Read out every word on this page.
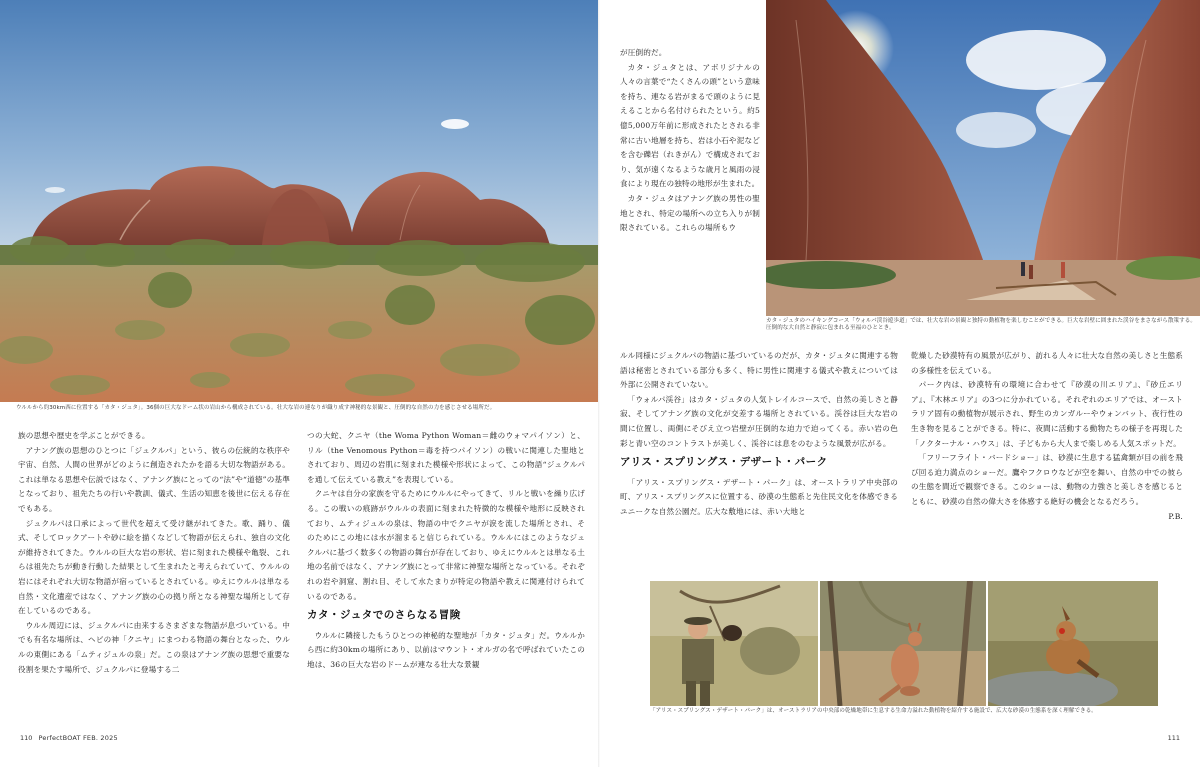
ウルルから約30km西に位置する「カタ・ジュタ」。36個の巨大なドーム状の岩山から構成されている。壮大な岩の連なりが織り成す神秘的な景観と、圧倒的な自然の力を感じさせる場所だ。

族の思想や歴史を学ぶことができる。

アナング族の思想のひとつに「ジュクルパ」という、彼らの伝統的な秩序や宇宙、自然、人間の世界がどのように創造されたかを語る大切な物語がある。これは単なる思想や伝説ではなく、アナング族にとっての“法”や“道徳”の基準となっており、祖先たちの行いや教訓、儀式、生活の知恵を後世に伝える存在でもある。

ジュクルパは口承によって世代を超えて受け継がれてきた。歌、踊り、儀式、そしてロックアートや砂に絵を描くなどして物語が伝えられ、独自の文化が維持されてきた。ウルルの巨大な岩の形状、岩に刻まれた模様や亀裂、これらは祖先たちが動き行動した結果として生まれたと考えられていて、ウルルの岩にはそれぞれ大切な物語が宿っているとされている。ゆえにウルルは単なる自然・文化遺産ではなく、アナング族の心の拠り所となる神聖な場所として存在しているのである。

ウルル周辺には、ジュクルパに由来するさまざまな物語が息づいている。中でも有名な場所は、ヘビの神「クニヤ」にまつわる物語の舞台となった、ウルルの東側にある「ムティジュルの泉」だ。この泉はアナング族の思想で重要な役割を果たす場所で、ジュクルパに登場する二

つの大蛇、クニヤ（the Woma Python Woman＝雌のウォマパイソン）と、リル（the Venomous Python＝毒を持つパイソン）の戦いに関連した聖地とされており、周辺の岩肌に刻まれた模様や形状によって、この物語“ジュクルパを通して伝えている教え”を表現している。

クニヤは自分の家族を守るためにウルルにやってきて、リルと戦いを繰り広げる。この戦いの痕跡がウルルの表面に刻まれた特徴的な模様や地形に反映されており、ムティジュルの泉は、物語の中でクニヤが涙を流した場所とされ、そのためにこの地には水が溜まると信じられている。ウルルにはこのようなジュクルパに基づく数多くの物語の舞台が存在しており、ゆえにウルルとは単なる土地の名前ではなく、アナング族にとって非常に神聖な場所となっている。それぞれの岩や洞窟、割れ目、そして水たまりが特定の物語や教えに関連付けられているのである。

カタ・ジュタでのさらなる冒険

ウルルに隣接したもうひとつの神秘的な聖地が「カタ・ジュタ」だ。ウルルから西に約30kmの場所にあり、以前はマウント・オルガの名で呼ばれていたこの地は、36の巨大な岩のドームが連なる壮大な景観

110 PerfectBOAT FEB. 2025

が圧倒的だ。

カタ・ジュタとは、アボリジナルの人々の言葉で“たくさんの頭”という意味を持ち、連なる岩がまるで頭のように見えることから名付けられたという。約5億5,000万年前に形成されたとされる非常に古い地層を持ち、岩は小石や泥などを含む礫岩（れきがん）で構成されており、気が遠くなるような歳月と風雨の浸食により現在の独特の地形が生まれた。

カタ・ジュタはアナング族の男性の聖地とされ、特定の場所への立ち入りが制限されている。これらの場所もウ

カタ・ジュタのハイキングコース「ウォルパ渓谷遊歩道」では、壮大な岩の景観と独特の動植物を楽しむことができる。巨大な岩壁に囲まれた渓谷をまさながら散策する。圧倒的な大自然と静寂に包まれる至福のひととき。

ルル同様にジュクルパの物語に基づいているのだが、カタ・ジュタに関連する物語は秘密とされている部分も多く、特に男性に関連する儀式や教えについては外部に公開されていない。

「ウォルパ渓谷」はカタ・ジュタの人気トレイルコースで、自然の美しさと静寂、そしてアナング族の文化が交差する場所とされている。渓谷は巨大な岩の間に位置し、両側にそびえ立つ岩壁が圧倒的な迫力で迫ってくる。赤い岩の色彩と青い空のコントラストが美しく、渓谷には息をのむような風景が広がる。

アリス・スプリングス・デザート・パーク

「アリス・スプリングス・デザート・パーク」は、オーストラリア中央部の町、アリス・スプリングスに位置する、砂漠の生態系と先住民文化を体感できるユニークな自然公園だ。広大な敷地には、赤い大地と

乾燥した砂漠特有の風景が広がり、訪れる人々に壮大な自然の美しさと生態系の多様性を伝えている。

パーク内は、砂漠特有の環境に合わせて『砂漠の川エリア』、『砂丘エリア』、『木林エリア』の3つに分かれている。それぞれのエリアでは、オーストラリア固有の動植物が展示され、野生のカンガルーやウォンバット、夜行性の生き物を見ることができる。特に、夜間に活動する動物たちの様子を再現した「ノクターナル・ハウス」は、子どもから大人まで楽しめる人気スポットだ。

「フリーフライト・バードショー」は、砂漠に生息する猛禽類が目の前を飛び回る迫力満点のショーだ。鷹やフクロウなどが空を舞い、自然の中での彼らの生態を間近で観察できる。このショーは、動物の力強さと美しさを感じるとともに、砂漠の自然の偉大さを体感する絶好の機会となるだろう。

P.B.

「アリス・スプリングス・デザート・パーク」は、オーストラリアの中央部の乾燥地帯に生息する生命力溢れた動植物を紹介する施設で、広大な砂漠の生態系を深く理解できる。
111
